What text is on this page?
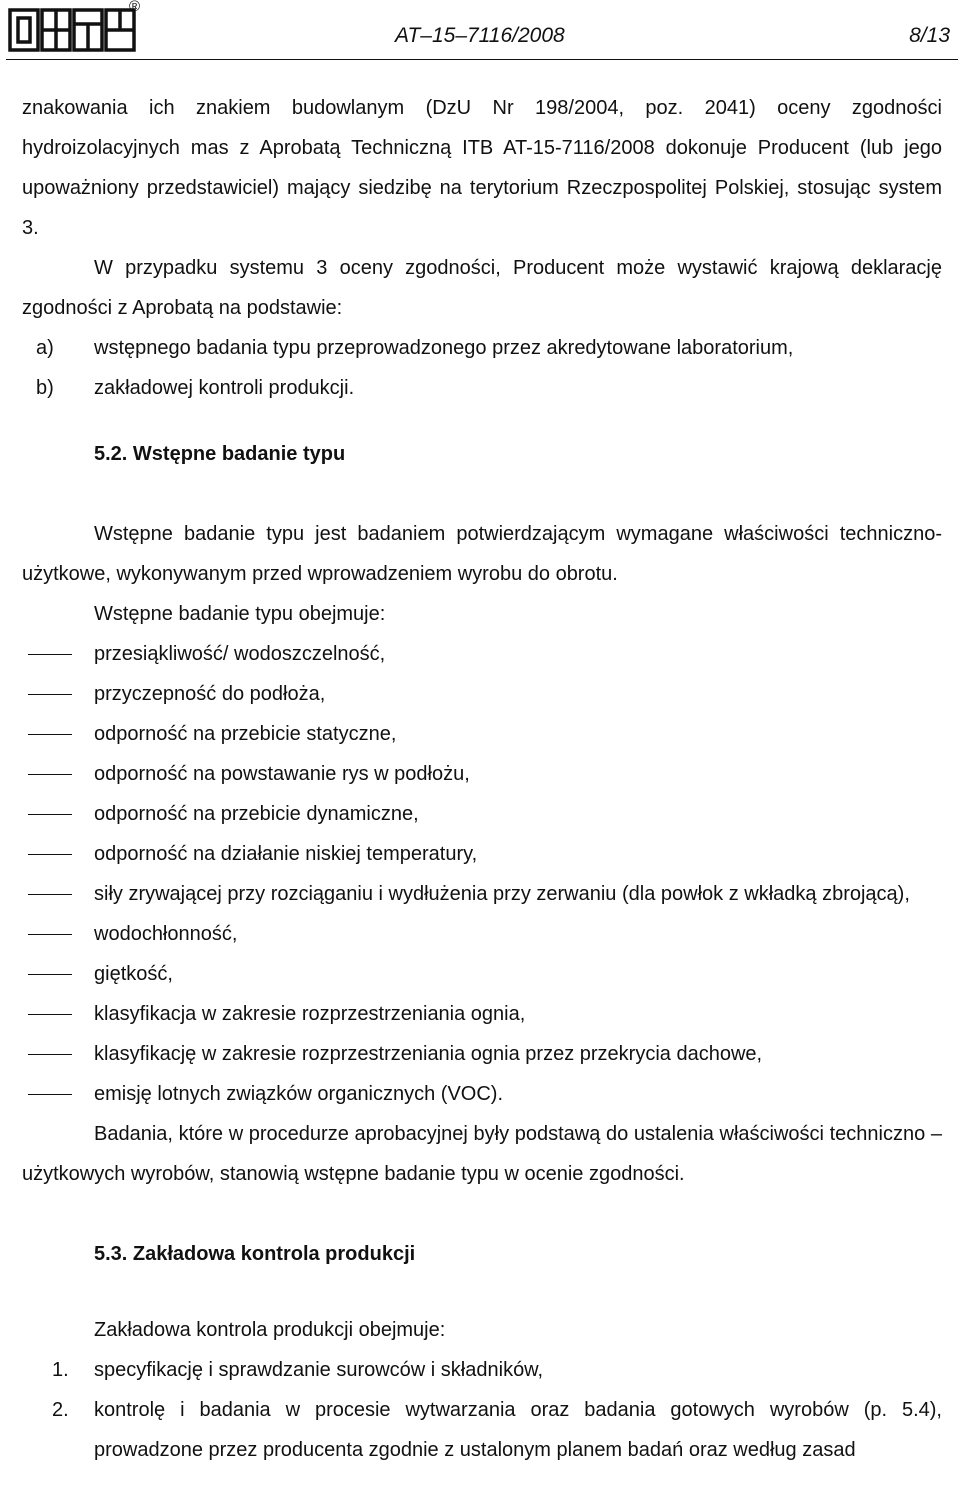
®
AT–15–7116/2008	8/13

znakowania ich znakiem budowlanym (DzU Nr 198/2004, poz. 2041) oceny zgodności hydroizolacyjnych mas z Aprobatą Techniczną ITB AT-15-7116/2008 dokonuje Producent (lub jego upoważniony przedstawiciel) mający siedzibę na terytorium Rzeczpospolitej Polskiej, stosując system 3.

W przypadku systemu 3 oceny zgodności, Producent może wystawić krajową deklarację zgodności z Aprobatą na podstawie:

a)	wstępnego badania typu przeprowadzonego przez akredytowane laboratorium,
b)	zakładowej kontroli produkcji.

5.2. Wstępne badanie typu

Wstępne badanie typu jest badaniem potwierdzającym wymagane właściwości techniczno-użytkowe, wykonywanym przed wprowadzeniem wyrobu do obrotu.

Wstępne badanie typu obejmuje:

przesiąkliwość/ wodoszczelność,
przyczepność do podłoża,
odporność na przebicie statyczne,
odporność na powstawanie rys w podłożu,
odporność na przebicie dynamiczne,
odporność na działanie niskiej temperatury,
siły zrywającej przy rozciąganiu i wydłużenia przy zerwaniu (dla powłok z wkładką zbrojącą),
wodochłonność,
giętkość,
klasyfikacja w zakresie rozprzestrzeniania ognia,
klasyfikację w zakresie rozprzestrzeniania ognia przez przekrycia dachowe,
emisję lotnych związków organicznych (VOC).

Badania, które w procedurze aprobacyjnej były podstawą do ustalenia właściwości techniczno – użytkowych wyrobów, stanowią wstępne badanie typu w ocenie zgodności.

5.3. Zakładowa kontrola produkcji

Zakładowa kontrola produkcji obejmuje:

1.	specyfikację i sprawdzanie surowców i składników,
2.	kontrolę i badania w procesie wytwarzania oraz badania gotowych wyrobów (p. 5.4), prowadzone przez producenta zgodnie z ustalonym planem badań oraz według zasad
